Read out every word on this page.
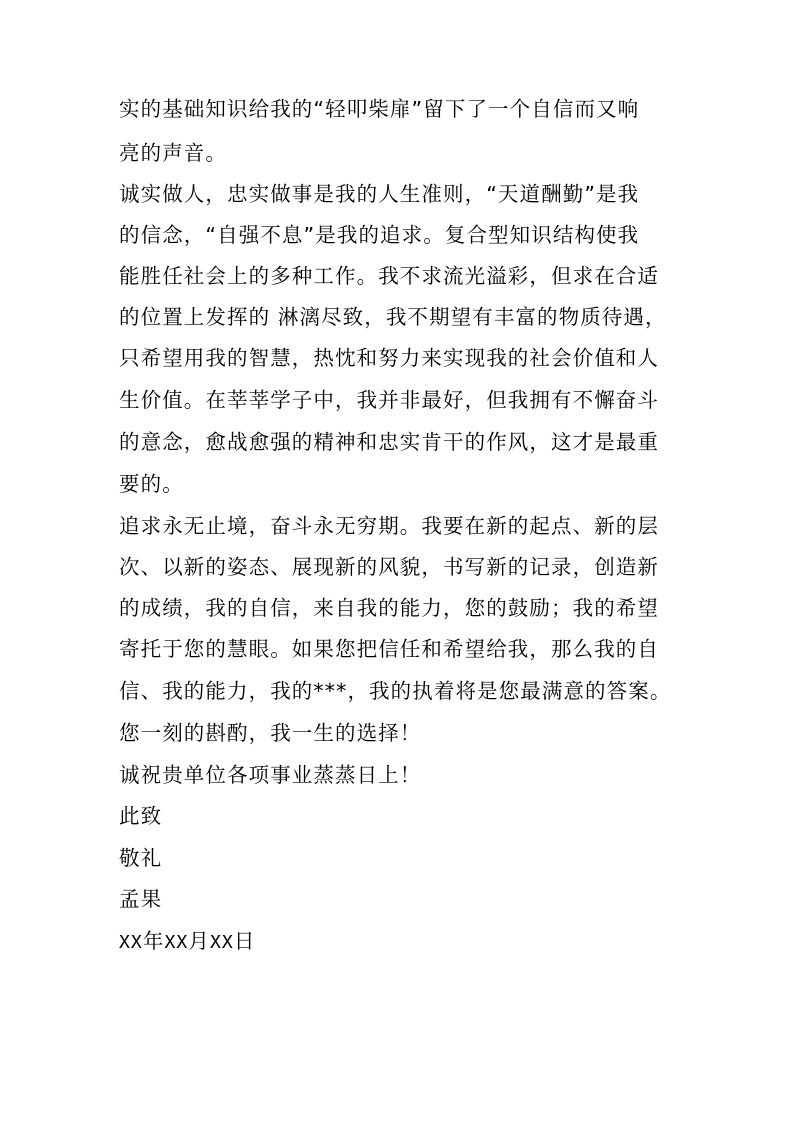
实的基础知识给我的“轻叩柴扉”留下了一个自信而又响
亮的声音。
诚实做人，忠实做事是我的人生准则，“天道酬勤”是我
的信念，“自强不息”是我的追求。复合型知识结构使我
能胜任社会上的多种工作。我不求流光溢彩，但求在合适
的位置上发挥的 淋漓尽致，我不期望有丰富的物质待遇，
只希望用我的智慧，热忱和努力来实现我的社会价值和人
生价值。在莘莘学子中，我并非最好，但我拥有不懈奋斗
的意念，愈战愈强的精神和忠实肯干的作风，这才是最重
要的。
追求永无止境，奋斗永无穷期。我要在新的起点、新的层
次、以新的姿态、展现新的风貌，书写新的记录，创造新
的成绩，我的自信，来自我的能力，您的鼓励；我的希望
寄托于您的慧眼。如果您把信任和希望给我，那么我的自
信、我的能力，我的***，我的执着将是您最满意的答案。
您一刻的斟酌，我一生的选择！
诚祝贵单位各项事业蒸蒸日上！
此致
敬礼
孟果
XX年XX月XX日
